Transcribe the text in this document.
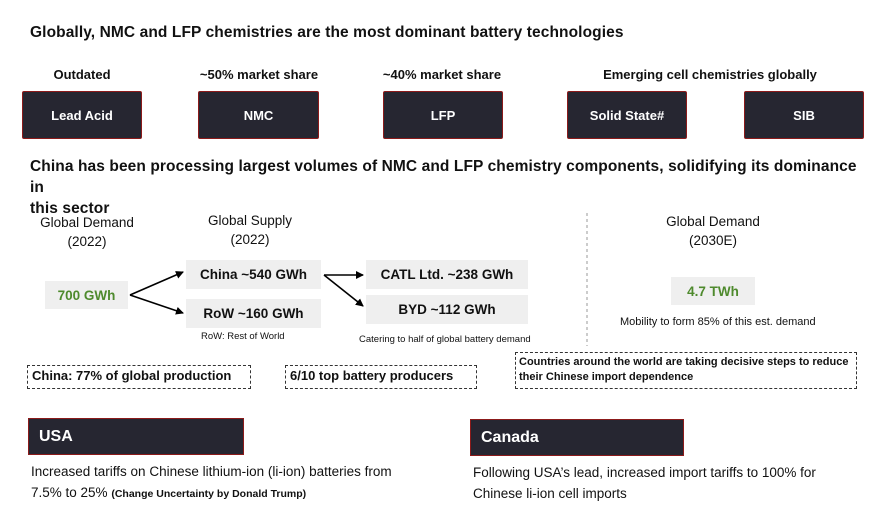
Globally, NMC and LFP chemistries are the most dominant battery technologies
Outdated	~50% market share	~40% market share	Emerging cell chemistries globally
Lead Acid	NMC	LFP	Solid State#	SIB
China has been processing largest volumes of NMC and LFP chemistry components, solidifying its dominance in
this sector
Global Demand
(2022)
700 GWh
Global Supply
(2022)
China ~540 GWh
RoW ~160 GWh
RoW: Rest of World
CATL Ltd. ~238 GWh
BYD ~112 GWh
Catering to half of global battery demand
Global Demand
(2030E)
4.7 TWh
Mobility to form 85% of this est. demand
China: 77% of global production	6/10 top battery producers
Countries around the world are taking decisive steps to reduce
their Chinese import dependence
USA
Increased tariffs on Chinese lithium-ion (li-ion) batteries from
7.5% to 25% (Change Uncertainty by Donald Trump)
Canada
Following USA’s lead, increased import tariffs to 100% for
Chinese li-ion cell imports
